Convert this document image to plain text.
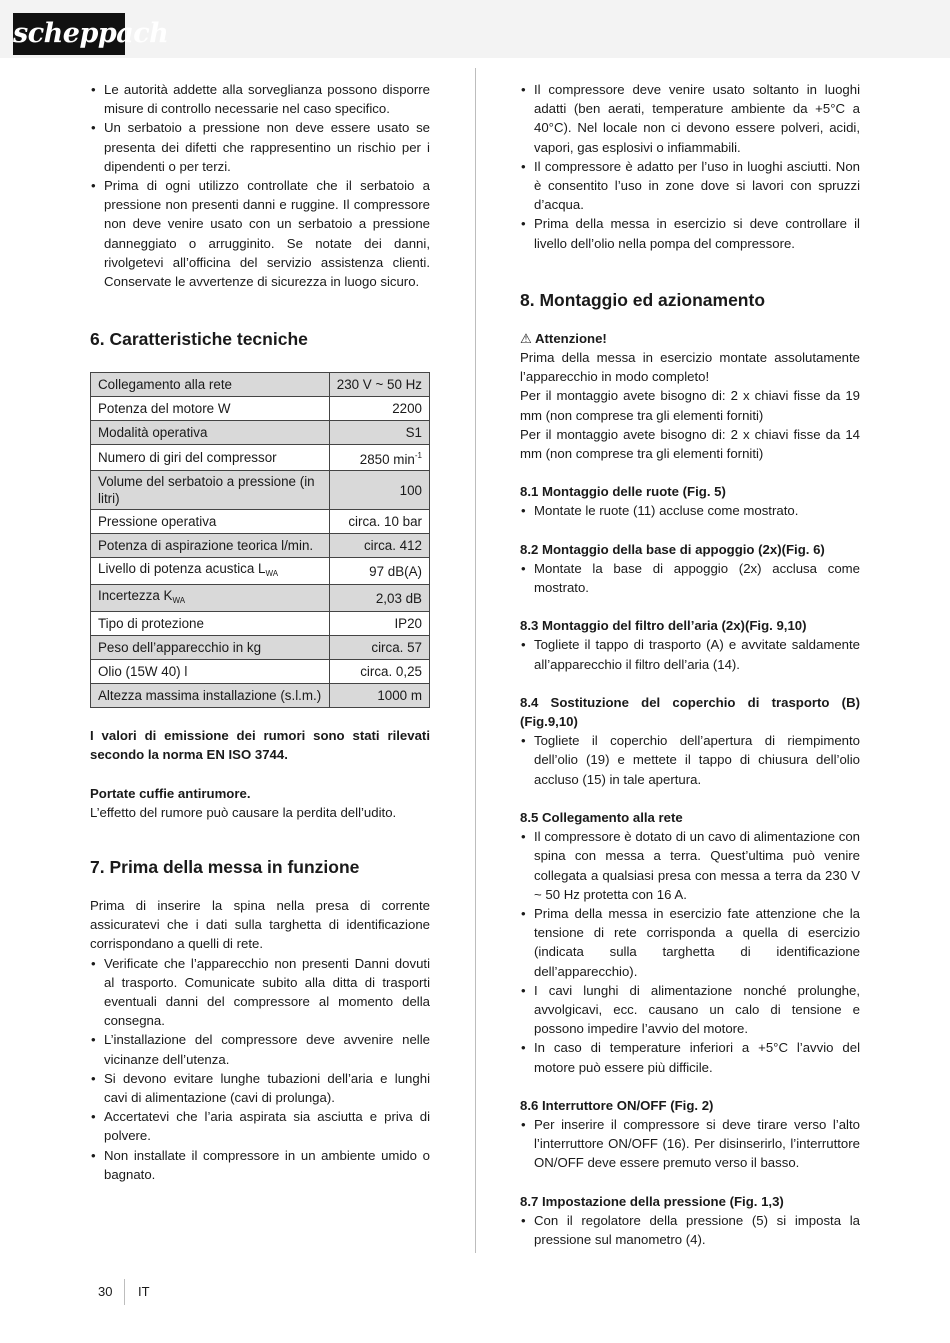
scheppach
• Le autorità addette alla sorveglianza possono disporre misure di controllo necessarie nel caso specifico.
• Un serbatoio a pressione non deve essere usato se presenta dei difetti che rappresentino un rischio per i dipendenti o per terzi.
• Prima di ogni utilizzo controllate che il serbatoio a pressione non presenti danni e ruggine. Il compressore non deve venire usato con un serbatoio a pressione danneggiato o arrugginito. Se notate dei danni, rivolgetevi all’officina del servizio assistenza clienti. Conservate le avvertenze di sicurezza in luogo sicuro.
6. Caratteristiche tecniche
Collegamento alla rete	230 V ~ 50 Hz
Potenza del motore W	2200
Modalità operativa	S1
Numero di giri del compressor	2850 $\min^{-1}$
Volume del serbatoio a pressione (in litri)	100
Pressione operativa	circa. 10 bar
Potenza di aspirazione teorica l/min.	circa. 412
Livello di potenza acustica $L_{WA}$	97 dB(A)
Incertezza $K_{WA}$	2,03 dB
Tipo di protezione	IP20
Peso dell’apparecchio in kg	circa. 57
Olio (15W 40) l	circa. 0,25
Altezza massima installazione (s.l.m.)	1000 m

I valori di emissione dei rumori sono stati rilevati secondo la norma EN ISO 3744.

Portate cuffie antirumore.

L’effetto del rumore può causare la perdita dell’udito.

7. Prima della messa in funzione

Prima di inserire la spina nella presa di corrente assicuratevi che i dati sulla targhetta di identificazione corrispondano a quelli di rete.

• Verificate che l’apparecchio non presenti Danni dovuti al trasporto. Comunicate subito alla ditta di trasporti eventuali danni del compressore al momento della consegna.
• L’installazione del compressore deve avvenire nelle vicinanze dell’utenza.
• Si devono evitare lunghe tubazioni dell’aria e lunghi cavi di alimentazione (cavi di prolunga).
• Accertatevi che l’aria aspirata sia asciutta e priva di polvere.
• Non installate il compressore in un ambiente umido o bagnato.
• Il compressore deve venire usato soltanto in luoghi adatti (ben aerati, temperature ambiente da +5°C a 40°C). Nel locale non ci devono essere polveri, acidi, vapori, gas esplosivi o infiammabili.
• Il compressore è adatto per l’uso in luoghi asciutti. Non è consentito l’uso in zone dove si lavori con spruzzi d’acqua.
• Prima della messa in esercizio si deve controllare il livello dell’olio nella pompa del compressore.
8. Montaggio ed azionamento

⚠ Attenzione!

Prima della messa in esercizio montate assolutamente l’apparecchio in modo completo!

Per il montaggio avete bisogno di: 2 x chiavi fisse da 19 mm (non comprese tra gli elementi forniti)

Per il montaggio avete bisogno di: 2 x chiavi fisse da 14 mm (non comprese tra gli elementi forniti)

8.1 Montaggio delle ruote (Fig. 5)
• Montate le ruote (11) accluse come mostrato.
8.2 Montaggio della base di appoggio (2x)(Fig. 6)
• Montate la base di appoggio (2x) acclusa come mostrato.
8.3 Montaggio del filtro dell’aria (2x)(Fig. 9,10)
• Togliete il tappo di trasporto (A) e avvitate saldamente all’apparecchio il filtro dell’aria (14).
8.4 Sostituzione del coperchio di trasporto (B) (Fig.9,10)
• Togliete il coperchio dell’apertura di riempimento dell’olio (19) e mettete il tappo di chiusura dell’olio accluso (15) in tale apertura.
8.5 Collegamento alla rete
• Il compressore è dotato di un cavo di alimentazione con spina con messa a terra. Quest’ultima può venire collegata a qualsiasi presa con messa a terra da 230 V ~ 50 Hz protetta con 16 A.
• Prima della messa in esercizio fate attenzione che la tensione di rete corrisponda a quella di esercizio (indicata sulla targhetta di identificazione dell’apparecchio).
• I cavi lunghi di alimentazione nonché prolunghe, avvolgicavi, ecc. causano un calo di tensione e possono impedire l’avvio del motore.
• In caso di temperature inferiori a +5°C l’avvio del motore può essere più difficile.
8.6 Interruttore ON/OFF (Fig. 2)
• Per inserire il compressore si deve tirare verso l’alto l’interruttore ON/OFF (16). Per disinserirlo, l’interruttore ON/OFF deve essere premuto verso il basso.
8.7 Impostazione della pressione (Fig. 1,3)
• Con il regolatore della pressione (5) si imposta la pressione sul manometro (4).
30 IT
